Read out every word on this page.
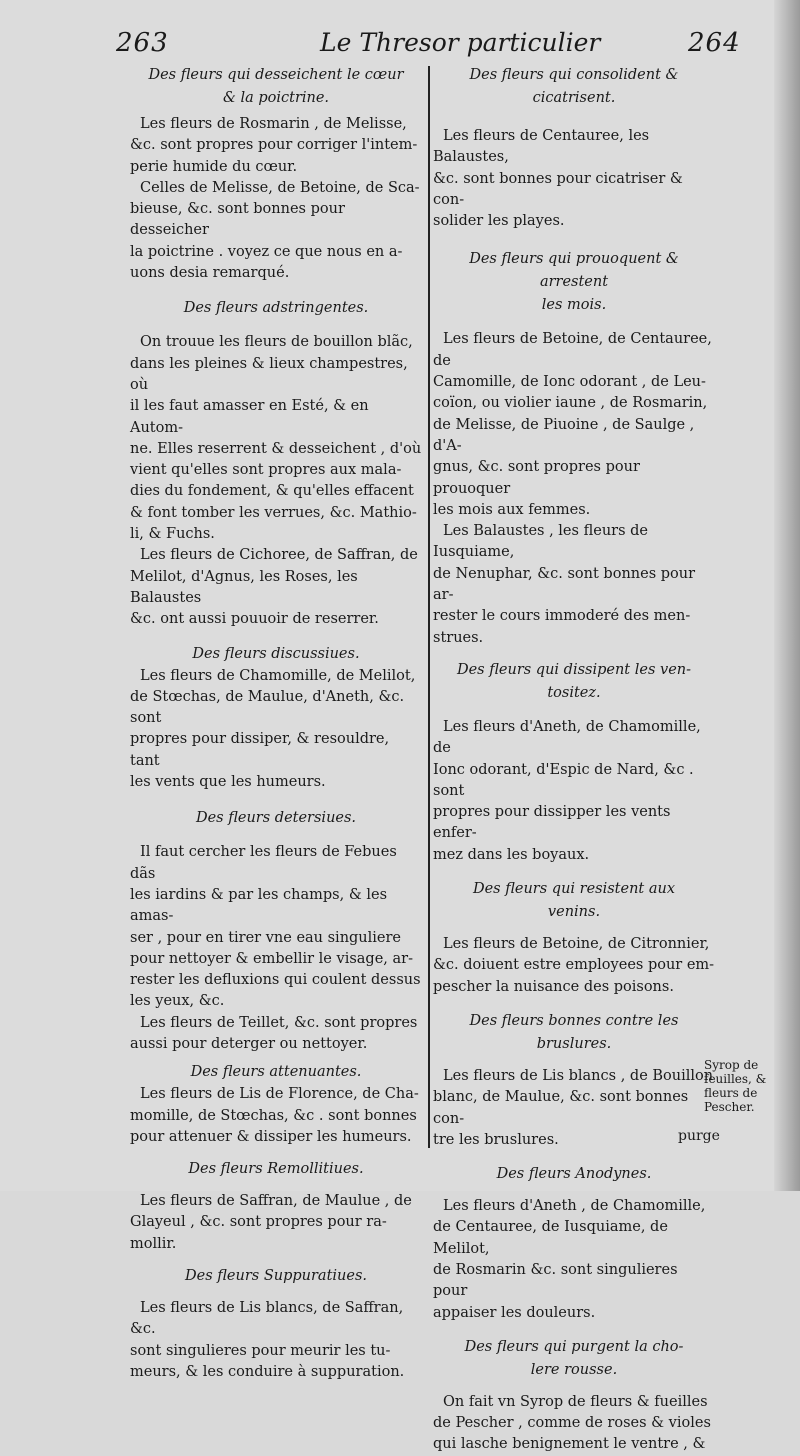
263	Le Thresor particulier	264

Des fleurs qui desseichent le cœur
& la poictrine.

Les fleurs de Rosmarin , de Melisse,
&c. sont propres pour corriger l'intem-
perie humide du cœur.

Celles de Melisse, de Betoine, de Sca-
bieuse, &c. sont bonnes pour desseicher
la poictrine . voyez ce que nous en a-
uons desia remarqué.

Des fleurs adstringentes.

On trouue les fleurs de bouillon blãc,
dans les pleines & lieux champestres, où
il les faut amasser en Esté, & en Autom-
ne. Elles reserrent & desseichent , d'où
vient qu'elles sont propres aux mala-
dies du fondement, & qu'elles effacent
& font tomber les verrues, &c. Mathio-
li, & Fuchs.

Les fleurs de Cichoree, de Saffran, de
Melilot, d'Agnus, les Roses, les Balaustes
&c. ont aussi pouuoir de reserrer.

Des fleurs discussiues.

Les fleurs de Chamomille, de Melilot,
de Stœchas, de Maulue, d'Aneth, &c. sont
propres pour dissiper, & resouldre, tant
les vents que les humeurs.

Des fleurs detersiues.

Il faut cercher les fleurs de Febues dãs
les iardins & par les champs, & les amas-
ser , pour en tirer vne eau singuliere
pour nettoyer & embellir le visage, ar-
rester les defluxions qui coulent dessus
les yeux, &c.

Les fleurs de Teillet, &c. sont propres
aussi pour deterger ou nettoyer.

Des fleurs attenuantes.

Les fleurs de Lis de Florence, de Cha-
momille, de Stœchas, &c . sont bonnes
pour attenuer & dissiper les humeurs.

Des fleurs Remollitiues.

Les fleurs de Saffran, de Maulue , de
Glayeul , &c. sont propres pour ra-
mollir.

Des fleurs Suppuratiues.

Les fleurs de Lis blancs, de Saffran, &c.
sont singulieres pour meurir les tu-
meurs, & les conduire à suppuration.

Des fleurs qui consolident &
cicatrisent.

Les fleurs de Centauree, les Balaustes,
&c. sont bonnes pour cicatriser & con-
solider les playes.

Des fleurs qui prouoquent & arrestent
les mois.

Les fleurs de Betoine, de Centauree, de
Camomille, de Ionc odorant , de Leu-
coïon, ou violier iaune , de Rosmarin,
de Melisse, de Piuoine , de Saulge , d'A-
gnus, &c. sont propres pour prouoquer
les mois aux femmes.

Les Balaustes , les fleurs de Iusquiame,
de Nenuphar, &c. sont bonnes pour ar-
rester le cours immoderé des men-
strues.

Des fleurs qui dissipent les ven-
tositez.

Les fleurs d'Aneth, de Chamomille, de
Ionc odorant, d'Espic de Nard, &c . sont
propres pour dissipper les vents enfer-
mez dans les boyaux.

Des fleurs qui resistent aux
venins.

Les fleurs de Betoine, de Citronnier,
&c. doiuent estre employees pour em-
pescher la nuisance des poisons.

Des fleurs bonnes contre les
bruslures.

Les fleurs de Lis blancs , de Bouillon
blanc, de Maulue, &c. sont bonnes con-
tre les bruslures.

Des fleurs Anodynes.

Les fleurs d'Aneth , de Chamomille,
de Centauree, de Iusquiame, de Melilot,
de Rosmarin &c. sont singulieres pour
appaiser les douleurs.

Des fleurs qui purgent la cho-
lere rousse.

On fait vn Syrop de fleurs & fueilles
de Pescher , comme de roses & violes
qui lasche benignement le ventre , &

Syrop de
feuilles, &
fleurs de
Pescher.
purge
